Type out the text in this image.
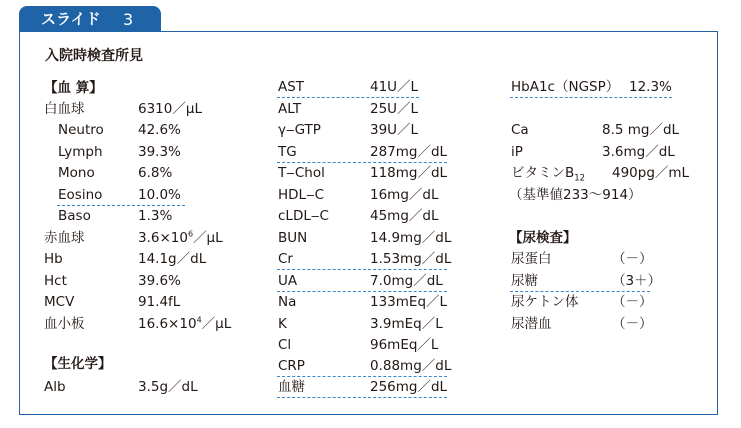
スライド 3
入院時検査所見
【血 算】
白血球	6310／μL
Neutro	42.6%
Lymph	39.3%
Mono	6.8%
Eosino	10.0%
Baso	1.3%
赤血球	$3.6\times 10^6/\mu L$
Hb	14.1g／dL
Hct	39.6%
MCV	91.4fL
血小板	$16.6\times 10^4/\mu L$
【生化学】
Alb	3.5g／dL
AST	41U／L
ALT	25U／L
γ‒GTP	39U／L
TG	287mg／dL
T‒Chol	118mg／dL
HDL‒C	16mg／dL
cLDL‒C	45mg／dL
BUN	14.9mg／dL
Cr	1.53mg／dL
UA	7.0mg／dL
Na	133mEq／L
K	3.9mEq／L
Cl	96mEq／L
CRP	0.88mg／dL
血糖	256mg／dL
HbA1c（NGSP） 12.3%
Ca	8.5 mg／dL
iP	3.6mg／dL
ビタミン$B_{12}$ 490pg／mL
（基準値233～914）
【尿検査】
尿蛋白	（－）
尿糖	（3＋）
尿ケトン体 （－）
尿潜血	（－）
